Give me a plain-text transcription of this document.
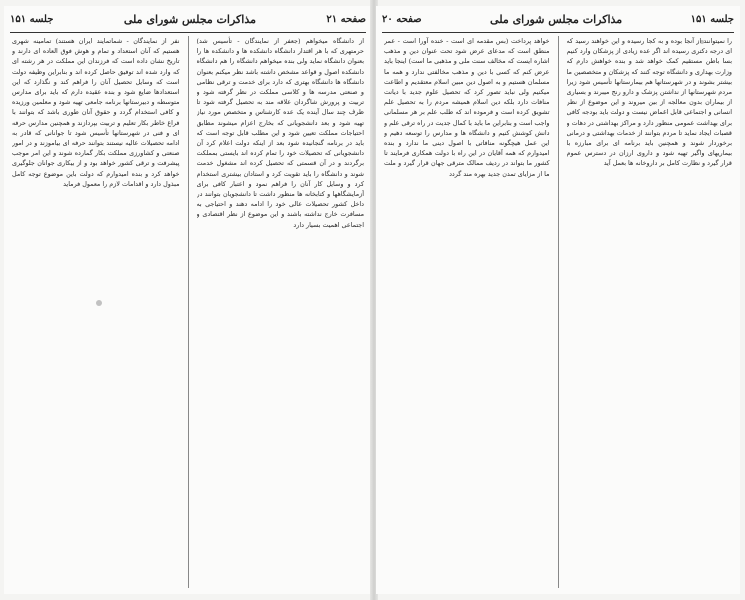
صفحه ۲۱
مذاکرات مجلس شورای ملی
جلسه ۱۵۱

از دانشگاه میخواهم (جعفر از نمایندگان - تأسیس شد) حرمتهری که با هر اقتدار دانشگاه دانشکده ها و دانشکده ها را بعنوان دانشگاه نماید ولی بنده میخواهم دانشگاه را هم دانشگاه دانشکده اصول و قواعد مشخص داشته باشد نظر میکنم بعنوان دانشگاه ها دانشگاه بهتری که دارد برای خدمت و ترقی نظامی و صنعتی مدرسه ها و کلاسی مملکت در نظر گرفته شود و تربیت و پرورش شاگردان علاقه مند به تحصیل گرفته شود تا ظرف چند سال آینده یک عده کارشناس و متخصص مورد نیاز تهیه شود و بعد دانشجویانی که بخارج اعزام میشوند مطابق احتیاجات مملکت تعیین شود و این مطلب قابل توجه است که باید در برنامه گنجانیده شود بعد از اینکه دولت اعلام کرد آن دانشجویانی که تحصیلات خود را تمام کرده اند بایستی بمملکت برگردند و در آن قسمتی که تحصیل کرده اند مشغول خدمت شوند و دانشگاه را باید تقویت کرد و استادان بیشتری استخدام کرد و وسایل کار آنان را فراهم نمود و اعتبار کافی برای آزمایشگاهها و کتابخانه ها منظور داشت تا دانشجویان بتوانند در داخل کشور تحصیلات عالی خود را ادامه دهند و احتیاجی به مسافرت خارج نداشته باشند و این موضوع از نظر اقتصادی و اجتماعی اهمیت بسیار دارد

نفر از نمایندگان - شماتمایند ایران هستند) تمامینه شهری هستیم که آنان استعداد و تمام و هوش فوق العاده ای دارند و تاریخ نشان داده است که فرزندان این مملکت در هر رشته ای که وارد شده اند توفیق حاصل کرده اند و بنابراین وظیفه دولت است که وسایل تحصیل آنان را فراهم کند و نگذارد که این استعدادها ضایع شود و بنده عقیده دارم که باید برای مدارس متوسطه و دبیرستانها برنامه جامعی تهیه شود و معلمین ورزیده و کافی استخدام گردد و حقوق آنان طوری باشد که بتوانند با فراغ خاطر بکار تعلیم و تربیت بپردازند و همچنین مدارس حرفه ای و فنی در شهرستانها تأسیس شود تا جوانانی که قادر به ادامه تحصیلات عالیه نیستند بتوانند حرفه ای بیاموزند و در امور صنعتی و کشاورزی مملکت بکار گمارده شوند و این امر موجب پیشرفت و ترقی کشور خواهد بود و از بیکاری جوانان جلوگیری خواهد کرد و بنده امیدوارم که دولت باین موضوع توجه کامل مبذول دارد و اقدامات لازم را معمول فرماید

جلسه ۱۵۱
مذاکرات مجلس شورای ملی
صفحه ۲۰

را نمیتوانند از آنجا بوده و به کجا رسیده و این خواهند رسید که ای درجه دکتری رسیده اند اگر عده زیادی از پزشکان وارد کنیم بسا باطن مستقیم کمک خواهد شد و بنده خواهش دارم که وزارت بهداری و دانشگاه توجه کنند که پزشکان و متخصصین ما بیشتر بشوند و در شهرستانها هم بیمارستانها تأسیس شود زیرا مردم شهرستانها از نداشتن پزشک و دارو رنج میبرند و بسیاری از بیماران بدون معالجه از بین میروند و این موضوع از نظر انسانی و اجتماعی قابل اغماض نیست و دولت باید بودجه کافی برای بهداشت عمومی منظور دارد و مراکز بهداشتی در دهات و قصبات ایجاد نماید تا مردم بتوانند از خدمات بهداشتی و درمانی برخوردار شوند و همچنین باید برنامه ای برای مبارزه با بیماریهای واگیر تهیه شود و داروی ارزان در دسترس عموم قرار گیرد و نظارت کامل بر داروخانه ها بعمل آید

خواهد پرداخت (بس مقدمه ای است - خنده آورا است - عمر منطق است که مدعای عرض شود تحت عنوان دین و مذهب اشاره ایست که مخالف سنت ملی و مذهبی ما است) اینجا باید عرض کنم که کسی با دین و مذهب مخالفتی ندارد و همه ما مسلمان هستیم و به اصول دین مبین اسلام معتقدیم و اطاعت میکنیم ولی نباید تصور کرد که تحصیل علوم جدید با دیانت منافات دارد بلکه دین اسلام همیشه مردم را به تحصیل علم تشویق کرده است و فرموده اند که طلب علم بر هر مسلمانی واجب است و بنابراین ما باید با کمال جدیت در راه ترقی علم و دانش کوشش کنیم و دانشگاه ها و مدارس را توسعه دهیم و این عمل هیچگونه منافاتی با اصول دینی ما ندارد و بنده امیدوارم که همه آقایان در این راه با دولت همکاری فرمایند تا کشور ما بتواند در ردیف ممالک مترقی جهان قرار گیرد و ملت ما از مزایای تمدن جدید بهره مند گردد
